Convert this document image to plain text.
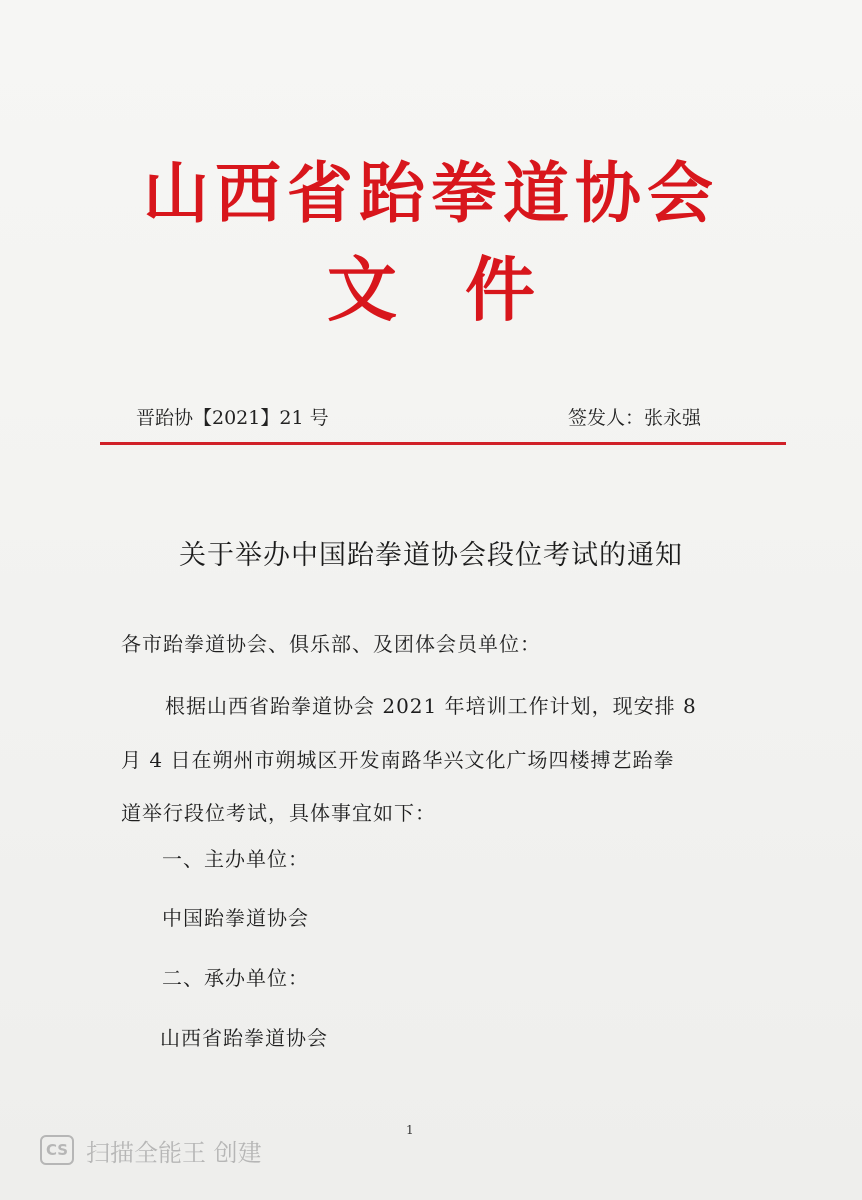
山西省跆拳道协会
文件
晋跆协【2021】21 号	签发人：张永强
关于举办中国跆拳道协会段位考试的通知
各市跆拳道协会、俱乐部、及团体会员单位：
根据山西省跆拳道协会 2021 年培训工作计划，现安排 8
月 4 日在朔州市朔城区开发南路华兴文化广场四楼搏艺跆拳
道举行段位考试，具体事宜如下：
一、主办单位：
中国跆拳道协会
二、承办单位：
山西省跆拳道协会
1
CS 扫描全能王 创建
